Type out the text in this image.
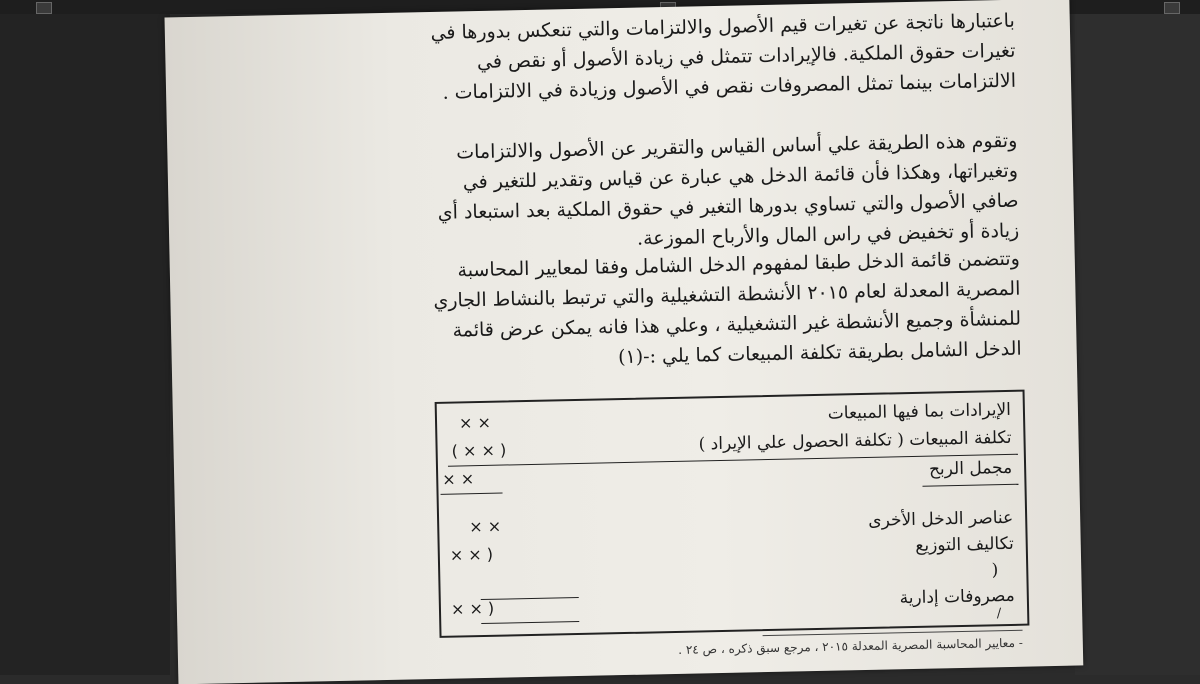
باعتبارها ناتجة عن تغيرات قيم الأصول والالتزامات والتي تنعكس بدورها في
تغيرات حقوق الملكية. فالإيرادات تتمثل في زيادة الأصول أو نقص في
الالتزامات بينما تمثل المصروفات نقص في الأصول وزيادة في الالتزامات .
وتقوم هذه الطريقة علي أساس القياس والتقرير عن الأصول والالتزامات
وتغيراتها، وهكذا فأن قائمة الدخل هي عبارة عن قياس وتقدير للتغير في
صافي الأصول والتي تساوي بدورها التغير في حقوق الملكية بعد استبعاد أي
زيادة أو تخفيض في راس المال والأرباح الموزعة.
وتتضمن قائمة الدخل طبقا لمفهوم الدخل الشامل وفقا لمعايير المحاسبة
المصرية المعدلة لعام ٢٠١٥ الأنشطة التشغيلية والتي ترتبط بالنشاط الجاري
للمنشأة وجميع الأنشطة غير التشغيلية ، وعلي هذا فانه يمكن عرض قائمة
الدخل الشامل بطريقة تكلفة المبيعات كما يلي :-(١)
الإيرادات بما فيها المبيعات
× ×
تكلفة المبيعات ( تكلفة الحصول علي الإيراد )
( × × )
مجمل الربح
× ×
عناصر الدخل الأخرى
× ×
تكاليف التوزيع
× × )
(
مصروفات إدارية
× × )	/
- معايير المحاسبة المصرية المعدلة ٢٠١٥ ، مرجع سبق ذكره ، ص ٢٤ .
